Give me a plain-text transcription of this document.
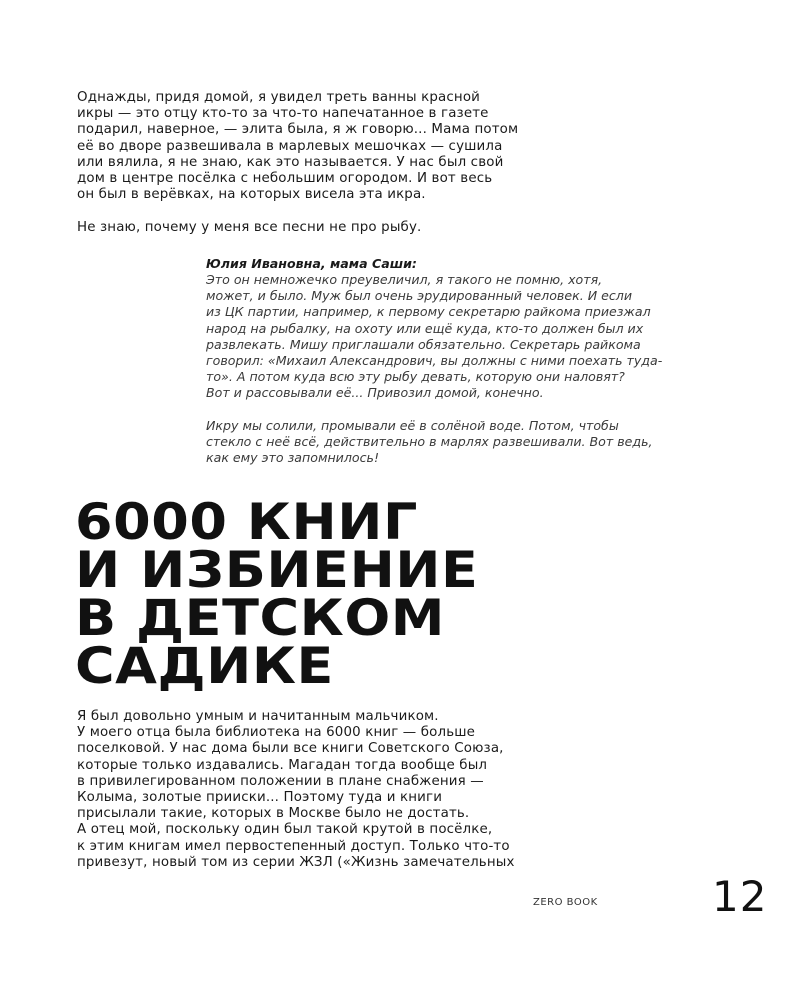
Однажды, придя домой, я увидел треть ванны красной
икры — это отцу кто-то за что-то напечатанное в газете
подарил, наверное, — элита была, я ж говорю... Мама потом
её во дворе развешивала в марлевых мешочках — сушила
или вялила, я не знаю, как это называется. У нас был свой
дом в центре посёлка с небольшим огородом. И вот весь
он был в верёвках, на которых висела эта икра.
Не знаю, почему у меня все песни не про рыбу.
Юлия Ивановна, мама Саши:
Это он немножечко преувеличил, я такого не помню, хотя,
может, и было. Муж был очень эрудированный человек. И если
из ЦК партии, например, к первому секретарю райкома приезжал
народ на рыбалку, на охоту или ещё куда, кто-то должен был их
развлекать. Мишу приглашали обязательно. Секретарь райкома
говорил: «Михаил Александрович, вы должны с ними поехать туда-
то». А потом куда всю эту рыбу девать, которую они наловят?
Вот и рассовывали её... Привозил домой, конечно.
Икру мы солили, промывали её в солёной воде. Потом, чтобы
стекло с неё всё, действительно в марлях развешивали. Вот ведь,
как ему это запомнилось!
6000 КНИГ
И ИЗБИЕНИЕ
В ДЕТСКОМ
САДИКЕ
Я был довольно умным и начитанным мальчиком.
У моего отца была библиотека на 6000 книг — больше
поселковой. У нас дома были все книги Советского Союза,
которые только издавались. Магадан тогда вообще был
в привилегированном положении в плане снабжения —
Колыма, золотые прииски... Поэтому туда и книги
присылали такие, которых в Москве было не достать.
А отец мой, поскольку один был такой крутой в посёлке,
к этим книгам имел первостепенный доступ. Только что-то
привезут, новый том из серии ЖЗЛ («Жизнь замечательных
ZERO BOOK	12
